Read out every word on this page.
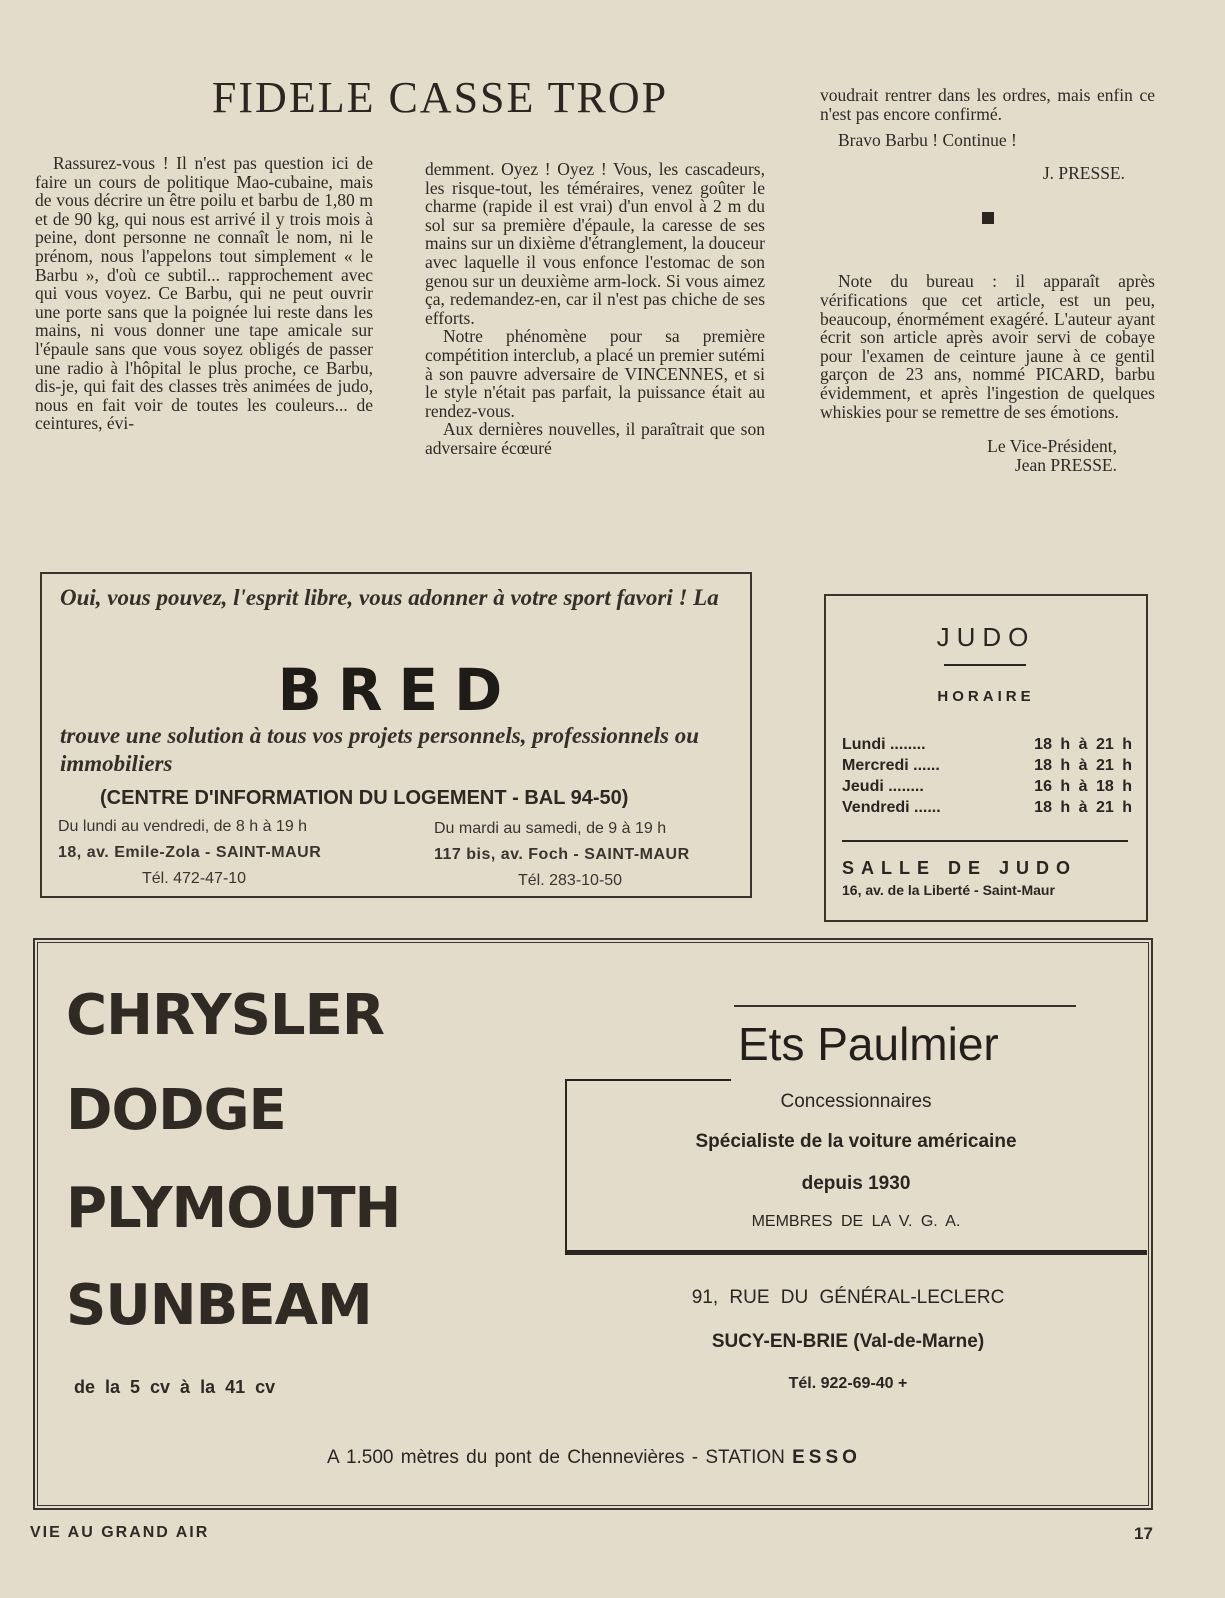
FIDELE CASSE TROP

Rassurez-vous ! Il n'est pas question ici de faire un cours de politique Mao-cubaine, mais de vous décrire un être poilu et barbu de 1,80 m et de 90 kg, qui nous est arrivé il y trois mois à peine, dont personne ne connaît le nom, ni le prénom, nous l'appelons tout simplement « le Barbu », d'où ce subtil... rapprochement avec qui vous voyez. Ce Barbu, qui ne peut ouvrir une porte sans que la poignée lui reste dans les mains, ni vous donner une tape amicale sur l'épaule sans que vous soyez obligés de passer une radio à l'hôpital le plus proche, ce Barbu, dis-je, qui fait des classes très animées de judo, nous en fait voir de toutes les couleurs... de ceintures, évi-

demment. Oyez ! Oyez ! Vous, les cascadeurs, les risque-tout, les téméraires, venez goûter le charme (rapide il est vrai) d'un envol à 2 m du sol sur sa première d'épaule, la caresse de ses mains sur un dixième d'étranglement, la douceur avec laquelle il vous enfonce l'estomac de son genou sur un deuxième arm-lock. Si vous aimez ça, redemandez-en, car il n'est pas chiche de ses efforts.

Notre phénomène pour sa première compétition interclub, a placé un premier sutémi à son pauvre adversaire de VINCENNES, et si le style n'était pas parfait, la puissance était au rendez-vous.

Aux dernières nouvelles, il paraîtrait que son adversaire écœuré

voudrait rentrer dans les ordres, mais enfin ce n'est pas encore confirmé.

Bravo Barbu ! Continue !

J. PRESSE.

Note du bureau : il apparaît après vérifications que cet article, est un peu, beaucoup, énormément exagéré. L'auteur ayant écrit son article après avoir servi de cobaye pour l'examen de ceinture jaune à ce gentil garçon de 23 ans, nommé PICARD, barbu évidemment, et après l'ingestion de quelques whiskies pour se remettre de ses émotions.

Le Vice-Président,

Jean PRESSE.

Oui, vous pouvez, l'esprit libre, vous adonner à votre sport favori ! La
BRED
trouve une solution à tous vos projets personnels, professionnels ou immobiliers
(CENTRE D'INFORMATION DU LOGEMENT - BAL 94-50)
Du lundi au vendredi, de 8 h à 19 h
18, av. Emile-Zola - SAINT-MAUR
Tél. 472-47-10
Du mardi au samedi, de 9 à 19 h
117 bis, av. Foch - SAINT-MAUR
Tél. 283-10-50
JUDO
HORAIRE
Lundi ........	18 h à 21 h
Mercredi ......	18 h à 21 h
Jeudi ........	16 h à 18 h
Vendredi ......	18 h à 21 h
SALLE DE JUDO
16, av. de la Liberté - Saint-Maur
CHRYSLER
DODGE
PLYMOUTH
SUNBEAM
de la 5 cv à la 41 cv
Ets Paulmier
Concessionnaires
Spécialiste de la voiture américaine
depuis 1930
MEMBRES DE LA V. G. A.
91, RUE DU GÉNÉRAL-LECLERC
SUCY-EN-BRIE (Val-de-Marne)
Tél. 922-69-40 +
A 1.500 mètres du pont de Chennevières - STATION ESSO
VIE AU GRAND AIR	17
